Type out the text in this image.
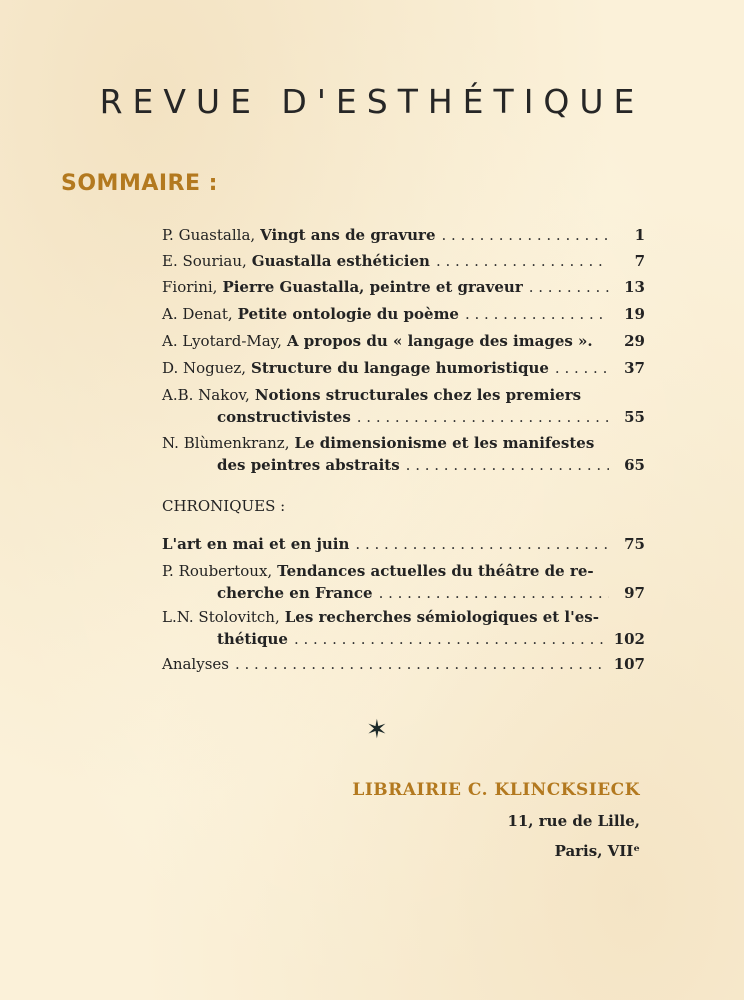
REVUE D'ESTHÉTIQUE
SOMMAIRE :
P. Guastalla, Vingt ans de gravure . . .	1
E. Souriau, Guastalla esthéticien . . .	7
Fiorini, Pierre Guastalla, peintre et graveur . . .	13
A. Denat, Petite ontologie du poème . . .	19
A. Lyotard-May, A propos du « langage des images ».	29
D. Noguez, Structure du langage humoristique . . .	37
A.B. Nakov, Notions structurales chez les premiers
constructivistes . . .	55
N. Blùmenkranz, Le dimensionisme et les manifestes
des peintres abstraits . . .	65
L'art en mai et en juin . . .	75
P. Roubertoux, Tendances actuelles du théâtre de re-
cherche en France . . .	97
L.N. Stolovitch, Les recherches sémiologiques et l'es-
thétique . . .	102
Analyses . . .	107
CHRONIQUES :
✶
LIBRAIRIE C. KLINCKSIECK
11, rue de Lille,
Paris, VIIᵉ
